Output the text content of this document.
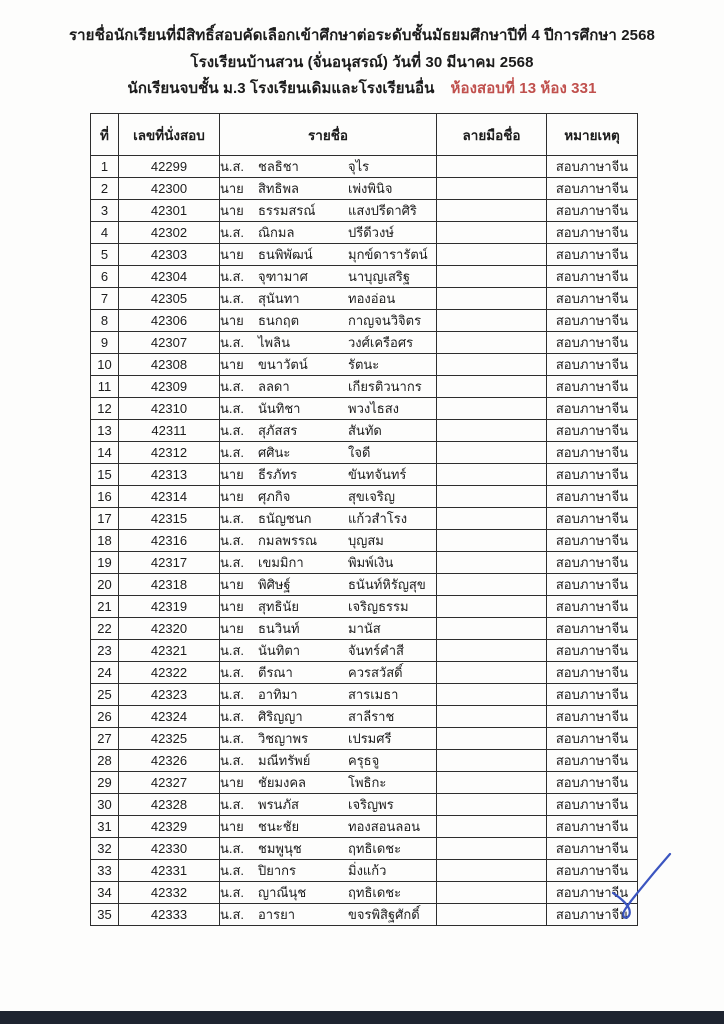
รายชื่อนักเรียนที่มีสิทธิ์สอบคัดเลือกเข้าศึกษาต่อระดับชั้นมัธยมศึกษาปีที่ 4 ปีการศึกษา 2568
โรงเรียนบ้านสวน (จั่นอนุสรณ์) วันที่ 30 มีนาคม 2568
นักเรียนจบชั้น ม.3 โรงเรียนเดิมและโรงเรียนอื่น ห้องสอบที่ 13 ห้อง 331
ที่	เลขที่นั่งสอบ	รายชื่อ	ลายมือชื่อ	หมายเหตุ
1	42299	น.ส. ชลธิชา จุไร		สอบภาษาจีน
2	42300	นาย สิทธิพล เพ่งพินิจ		สอบภาษาจีน
3	42301	นาย ธรรมสรณ์ แสงปรีดาศิริ		สอบภาษาจีน
4	42302	น.ส. ณิกมล ปรีดีวงษ์		สอบภาษาจีน
5	42303	นาย ธนพิพัฒน์ มุกข์ดารารัตน์		สอบภาษาจีน
6	42304	น.ส. จุฑามาศ นาบุญเสริฐ		สอบภาษาจีน
7	42305	น.ส. สุนันทา ทองอ่อน		สอบภาษาจีน
8	42306	นาย ธนกฤต กาญจนวิจิตร		สอบภาษาจีน
9	42307	น.ส. ไพลิน วงศ์เครือศร		สอบภาษาจีน
10	42308	นาย ขนาวัตน์ รัตนะ		สอบภาษาจีน
11	42309	น.ส. ลลดา เกียรติวนากร		สอบภาษาจีน
12	42310	น.ส. นันทิชา พวงไธสง		สอบภาษาจีน
13	42311	น.ส. สุภัสสร สันทัด		สอบภาษาจีน
14	42312	น.ส. ศศินะ ใจดี		สอบภาษาจีน
15	42313	นาย ธีรภัทร ขันทจันทร์		สอบภาษาจีน
16	42314	นาย ศุภกิจ สุขเจริญ		สอบภาษาจีน
17	42315	น.ส. ธนัญชนก แก้วสำโรง		สอบภาษาจีน
18	42316	น.ส. กมลพรรณ บุญสม		สอบภาษาจีน
19	42317	น.ส. เขมมิกา พิมพ์เงิน		สอบภาษาจีน
20	42318	นาย พิศิษฐ์ ธนันท์หิรัญสุข		สอบภาษาจีน
21	42319	นาย สุทธินัย เจริญธรรม		สอบภาษาจีน
22	42320	นาย ธนวินท์ มานัส		สอบภาษาจีน
23	42321	น.ส. นันทิตา จันทร์คำสี		สอบภาษาจีน
24	42322	น.ส. ตีรณา ควรสวัสดิ์		สอบภาษาจีน
25	42323	น.ส. อาทิมา สารเมธา		สอบภาษาจีน
26	42324	น.ส. ศิริญญา สาลีราช		สอบภาษาจีน
27	42325	น.ส. วิชญาพร เปรมศรี		สอบภาษาจีน
28	42326	น.ส. มณีทรัพย์ ครุธจู		สอบภาษาจีน
29	42327	นาย ชัยมงคล โพธิกะ		สอบภาษาจีน
30	42328	น.ส. พรนภัส เจริญพร		สอบภาษาจีน
31	42329	นาย ชนะชัย ทองสอนลอน		สอบภาษาจีน
32	42330	น.ส. ชมพูนุช ฤทธิเดชะ		สอบภาษาจีน
33	42331	น.ส. ปิยากร มิ่งแก้ว		สอบภาษาจีน
34	42332	น.ส. ญาณีนุช ฤทธิเดชะ		สอบภาษาจีน
35	42333	น.ส. อารยา ขจรพิสิฐศักดิ์		สอบภาษาจีน
